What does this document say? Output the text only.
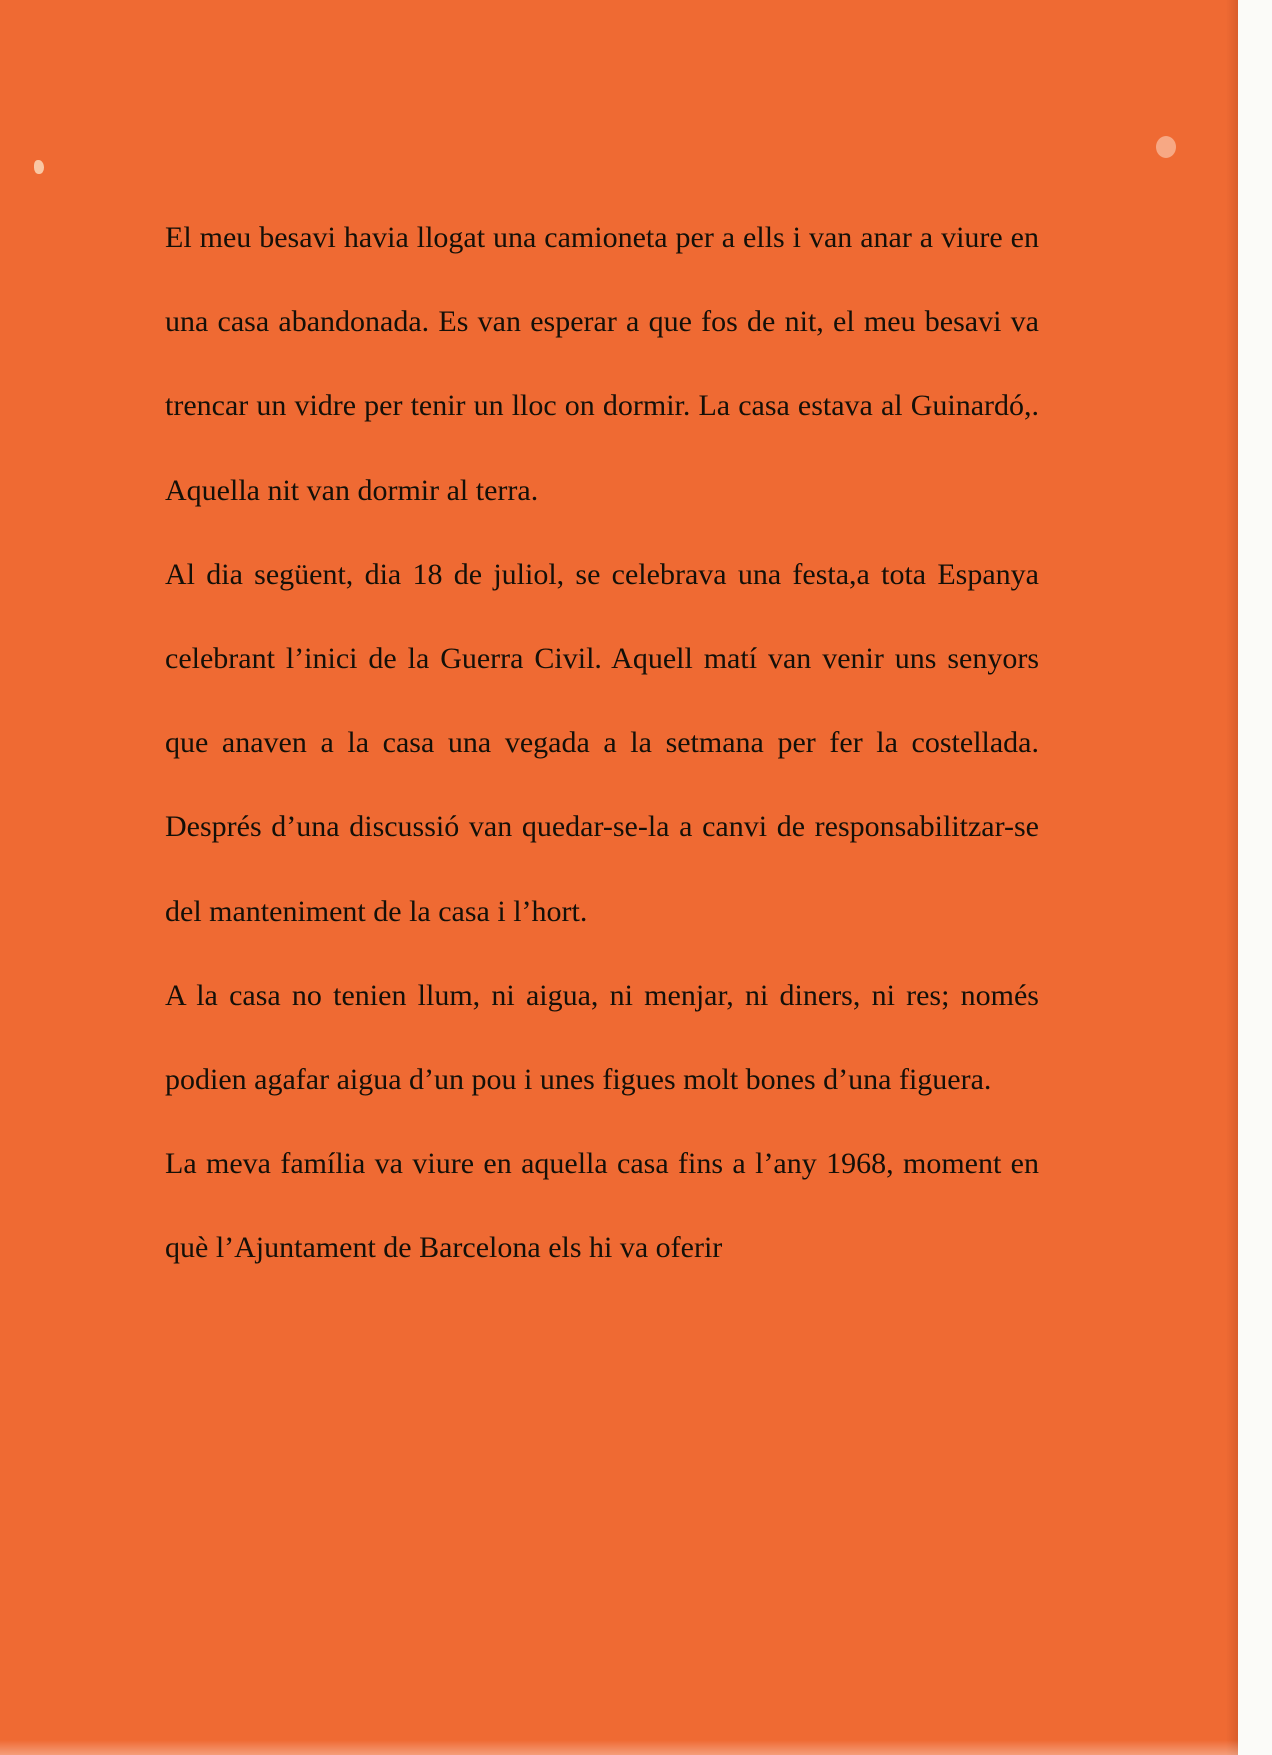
El meu besavi havia llogat una camioneta per a ells i van anar a viure en una casa abandonada. Es van esperar a que fos de nit, el meu besavi va trencar un vidre per tenir un lloc on dormir. La casa estava al Guinardó,. Aquella nit van dormir al terra.

Al dia següent, dia 18 de juliol, se celebrava una festa,a tota Espanya celebrant l’inici de la Guerra Civil. Aquell matí van venir uns senyors que anaven a la casa una vegada a la setmana per fer la costellada. Després d’una discussió van quedar-se-la a canvi de responsabilitzar-se del manteniment de la casa i l’hort.

A la casa no tenien llum, ni aigua, ni menjar, ni diners, ni res; només podien agafar aigua d’un pou i unes figues molt bones d’una figuera.

La meva família va viure en aquella casa fins a l’any 1968, moment en què l’Ajuntament de Barcelona els hi va oferir
